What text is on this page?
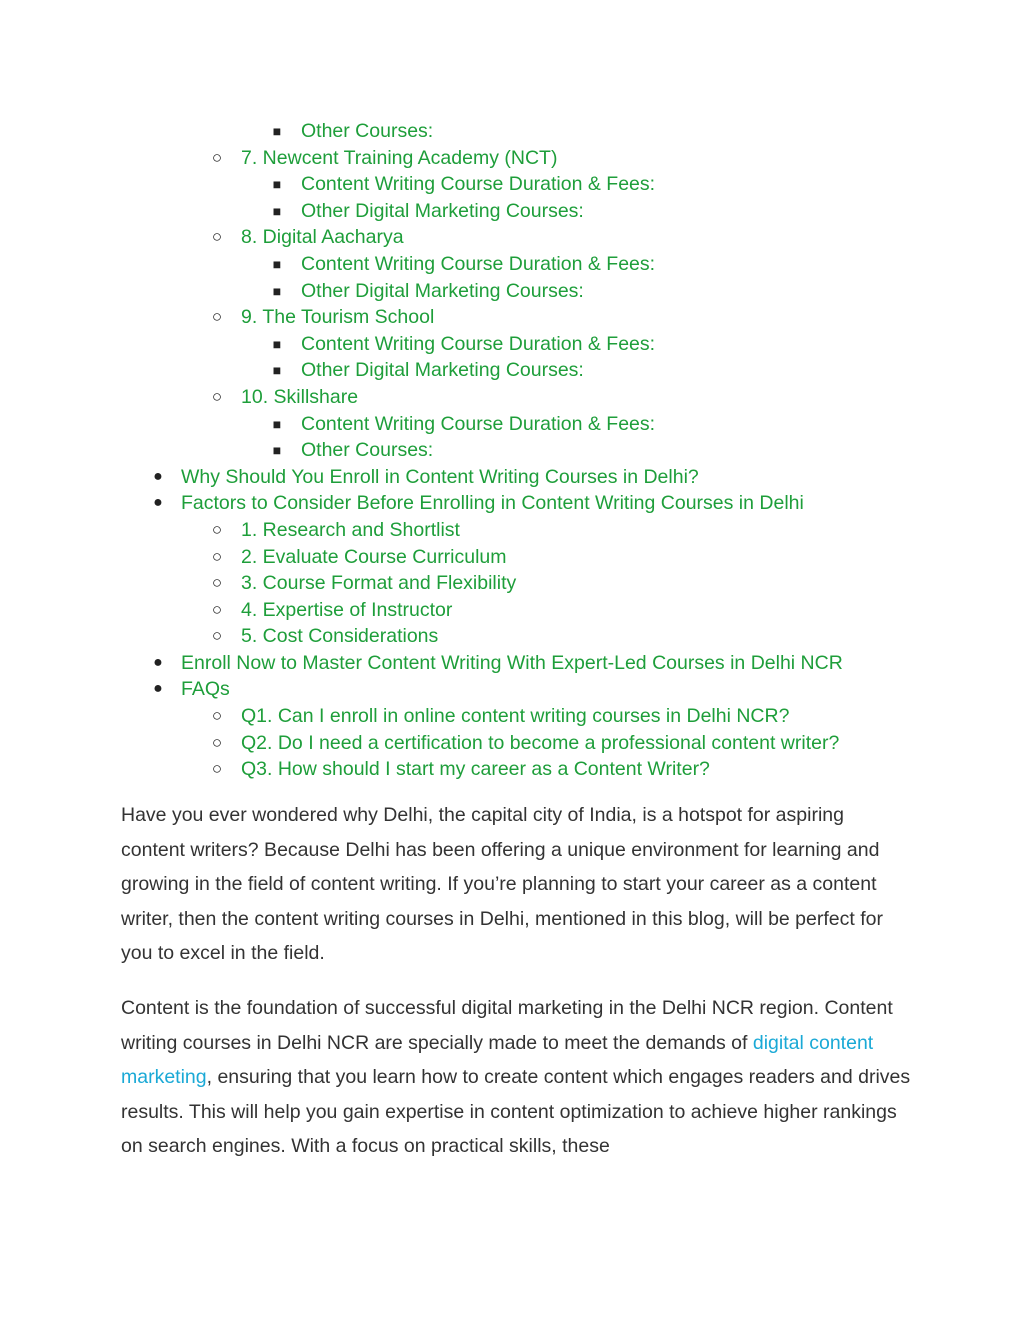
■ Other Courses:
○ 7. Newcent Training Academy (NCT)
■ Content Writing Course Duration & Fees:
■ Other Digital Marketing Courses:
○ 8. Digital Aacharya
■ Content Writing Course Duration & Fees:
■ Other Digital Marketing Courses:
○ 9. The Tourism School
■ Content Writing Course Duration & Fees:
■ Other Digital Marketing Courses:
○ 10. Skillshare
■ Content Writing Course Duration & Fees:
■ Other Courses:
● Why Should You Enroll in Content Writing Courses in Delhi?
● Factors to Consider Before Enrolling in Content Writing Courses in Delhi
○ 1. Research and Shortlist
○ 2. Evaluate Course Curriculum
○ 3. Course Format and Flexibility
○ 4. Expertise of Instructor
○ 5. Cost Considerations
● Enroll Now to Master Content Writing With Expert-Led Courses in Delhi NCR
● FAQs
○ Q1. Can I enroll in online content writing courses in Delhi NCR?
○ Q2. Do I need a certification to become a professional content writer?
○ Q3. How should I start my career as a Content Writer?

Have you ever wondered why Delhi, the capital city of India, is a hotspot for aspiring content writers? Because Delhi has been offering a unique environment for learning and growing in the field of content writing. If you’re planning to start your career as a content writer, then the content writing courses in Delhi, mentioned in this blog, will be perfect for you to excel in the field.

Content is the foundation of successful digital marketing in the Delhi NCR region. Content writing courses in Delhi NCR are specially made to meet the demands of digital content marketing, ensuring that you learn how to create content which engages readers and drives results. This will help you gain expertise in content optimization to achieve higher rankings on search engines. With a focus on practical skills, these
